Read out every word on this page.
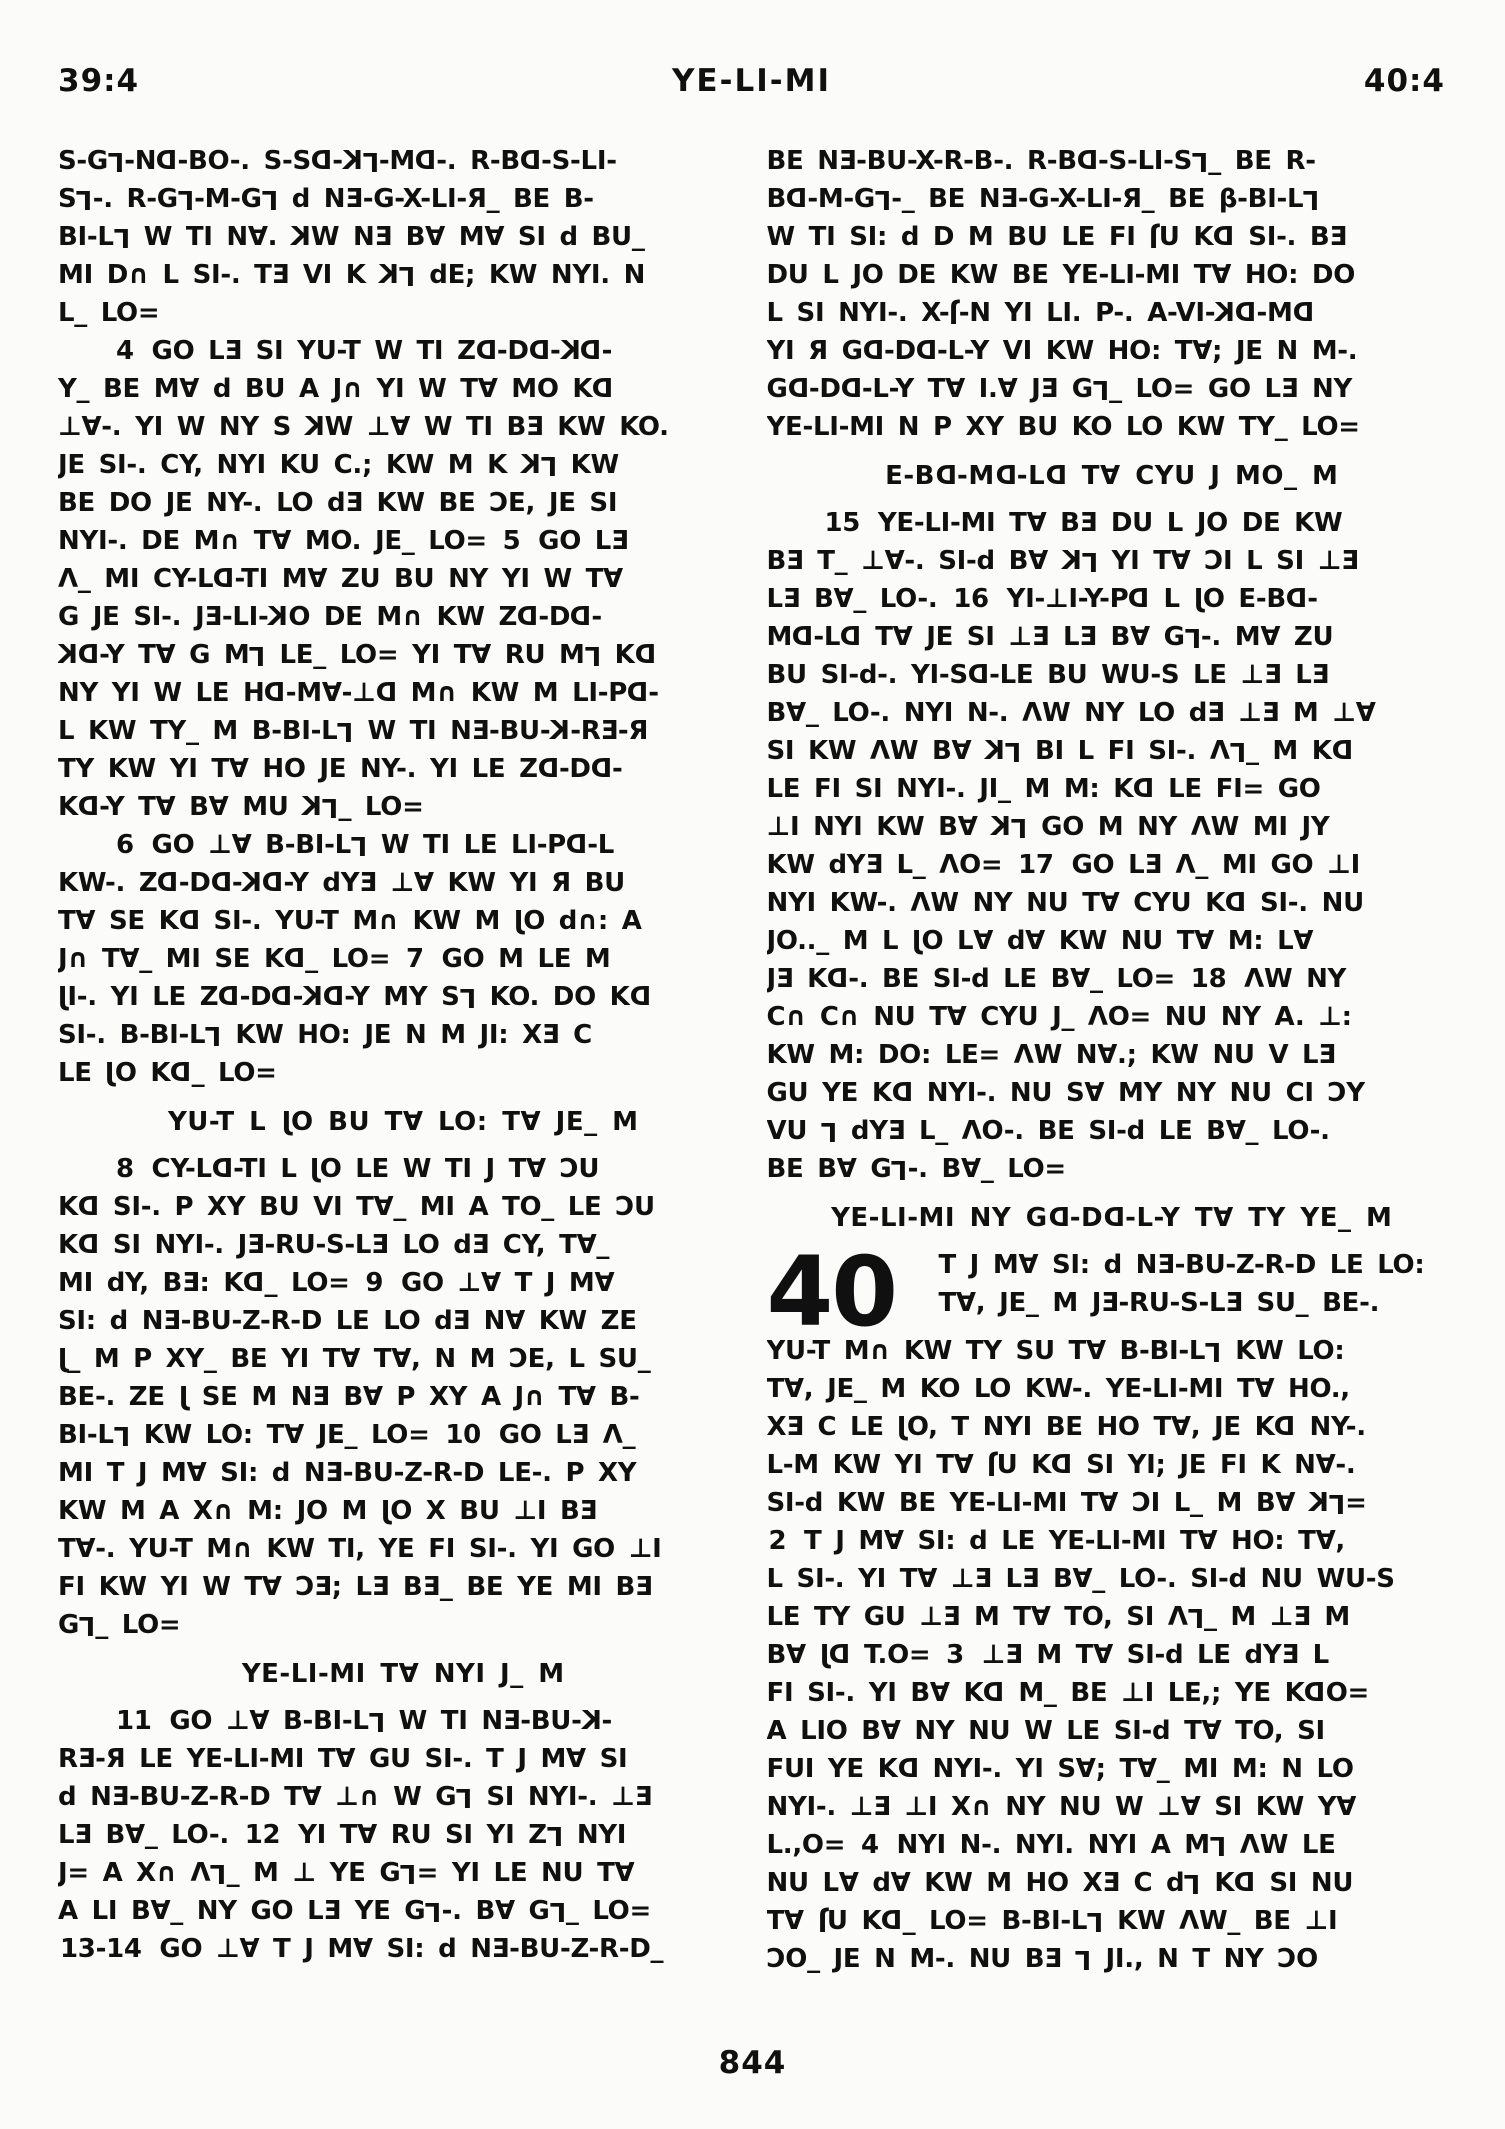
39:4	YE-LI-MI	40:4
S-GL-ND-BO-. S-SD-KL-MD-. R-BD-S-LI-
SL-. R-GL-M-GL d NƎ-G-X-LI-Я_ BE B-
BI-LL W TI N∀. KW NƎ B∀ M∀ SI d BU_
MI D∩ L SI-. TƎ VI K KL dE; KW NYI. N
L_ LO=
4 GO LƎ SI YU-T W TI ZD-DD-KD-
Y_ BE M∀ d BU A J∩ YI W T∀ MO KD
⊥∀-. YI W NY S KW ⊥∀ W TI BƎ KW KO.
JE SI-. CY, NYI KU C.; KW M K KL KW
BE DO JE NY-. LO dƎ KW BE ƆE, JE SI
NYI-. DE M∩ T∀ MO. JE_ LO= 5 GO LƎ
Λ_ MI CY-LD-TI M∀ ZU BU NY YI W T∀
G JE SI-. JƎ-LI-KO DE M∩ KW ZD-DD-
KD-Y T∀ G ML LE_ LO= YI T∀ RU ML KD
NY YI W LE HD-M∀-⊥D M∩ KW M LI-PD-
L KW TY_ M B-BI-LL W TI NƎ-BU-K-RƎ-Я
TY KW YI T∀ HO JE NY-. YI LE ZD-DD-
KD-Y T∀ B∀ MU KL_ LO=
6 GO ⊥∀ B-BI-LL W TI LE LI-PD-L
KW-. ZD-DD-KD-Y dYƎ ⊥∀ KW YI Я BU
T∀ SE KD SI-. YU-T M∩ KW M JO d∩: A
J∩ T∀_ MI SE KD_ LO= 7 GO M LE M
JI-. YI LE ZD-DD-KD-Y MY SL KO. DO KD
SI-. B-BI-LL KW HO: JE N M JI: XƎ C
LE JO KD_ LO=
YU-T L JO BU T∀ LO: T∀ JE_ M
8 CY-LD-TI L JO LE W TI J T∀ ƆU
KD SI-. P XY BU VI T∀_ MI A TO_ LE ƆU
KD SI NYI-. JƎ-RU-S-LƎ LO dƎ CY, T∀_
MI dY, BƎ: KD_ LO= 9 GO ⊥∀ T J M∀
SI: d NƎ-BU-Z-R-D LE LO dƎ N∀ KW ZE
J_ M P XY_ BE YI T∀ T∀, N M ƆE, L SU_
BE-. ZE J SE M NƎ B∀ P XY A J∩ T∀ B-
BI-LL KW LO: T∀ JE_ LO= 10 GO LƎ Λ_
MI T J M∀ SI: d NƎ-BU-Z-R-D LE-. P XY
KW M A X∩ M: JO M JO X BU ⊥I BƎ
T∀-. YU-T M∩ KW TI, YE FI SI-. YI GO ⊥I
FI KW YI W T∀ ƆƎ; LƎ BƎ_ BE YE MI BƎ
GL_ LO=
YE-LI-MI T∀ NYI J_ M
11 GO ⊥∀ B-BI-LL W TI NƎ-BU-K-
RƎ-Я LE YE-LI-MI T∀ GU SI-. T J M∀ SI
d NƎ-BU-Z-R-D T∀ ⊥∩ W GL SI NYI-. ⊥Ǝ
LƎ B∀_ LO-. 12 YI T∀ RU SI YI ZL NYI
J= A X∩ ΛL_ M ⊥ YE GL= YI LE NU T∀
A LI B∀_ NY GO LƎ YE GL-. B∀ GL_ LO=
13-14 GO ⊥∀ T J M∀ SI: d NƎ-BU-Z-R-D_
BE NƎ-BU-X-R-B-. R-BD-S-LI-SL_ BE R-
BD-M-GL-_ BE NƎ-G-X-LI-Я_ BE β-BI-LL
W TI SI: d D M BU LE FI JU KD SI-. BƎ
DU L JO DE KW BE YE-LI-MI T∀ HO: DO
L SI NYI-. X-J-N YI LI. P-. A-VI-KD-MD
YI Я GD-DD-L-Y VI KW HO: T∀; JE N M-.
GD-DD-L-Y T∀ I.∀ JƎ GL_ LO= GO LƎ NY
YE-LI-MI N P XY BU KO LO KW TY_ LO=
E-BD-MD-LD T∀ CYU J MO_ M
15 YE-LI-MI T∀ BƎ DU L JO DE KW
BƎ T_ ⊥∀-. SI-d B∀ KL YI T∀ ƆI L SI ⊥Ǝ
LƎ B∀_ LO-. 16 YI-⊥I-Y-PD L JO E-BD-
MD-LD T∀ JE SI ⊥Ǝ LƎ B∀ GL-. M∀ ZU
BU SI-d-. YI-SD-LE BU WU-S LE ⊥Ǝ LƎ
B∀_ LO-. NYI N-. ΛW NY LO dƎ ⊥Ǝ M ⊥∀
SI KW ΛW B∀ KL BI L FI SI-. ΛL_ M KD
LE FI SI NYI-. JI_ M M: KD LE FI= GO
⊥I NYI KW B∀ KL GO M NY ΛW MI JY
KW dYƎ L_ ΛO= 17 GO LƎ Λ_ MI GO ⊥I
NYI KW-. ΛW NY NU T∀ CYU KD SI-. NU
JO.._ M L JO L∀ d∀ KW NU T∀ M: L∀
JƎ KD-. BE SI-d LE B∀_ LO= 18 ΛW NY
C∩ C∩ NU T∀ CYU J_ ΛO= NU NY A. ⊥:
KW M: DO: LE= ΛW N∀.; KW NU V LƎ
GU YE KD NYI-. NU S∀ MY NY NU CI ƆY
VU L dYƎ L_ ΛO-. BE SI-d LE B∀_ LO-.
BE B∀ GL-. B∀_ LO=
YE-LI-MI NY GD-DD-L-Y T∀ TY YE_ M
40	T J M∀ SI: d NƎ-BU-Z-R-D LE LO:
T∀, JE_ M JƎ-RU-S-LƎ SU_ BE-.
YU-T M∩ KW TY SU T∀ B-BI-LL KW LO:
T∀, JE_ M KO LO KW-. YE-LI-MI T∀ HO.,
XƎ C LE JO, T NYI BE HO T∀, JE KD NY-.
L-M KW YI T∀ JU KD SI YI; JE FI K N∀-.
SI-d KW BE YE-LI-MI T∀ ƆI L_ M B∀ KL=
2 T J M∀ SI: d LE YE-LI-MI T∀ HO: T∀,
L SI-. YI T∀ ⊥Ǝ LƎ B∀_ LO-. SI-d NU WU-S
LE TY GU ⊥Ǝ M T∀ TO, SI ΛL_ M ⊥Ǝ M
B∀ JD T.O= 3 ⊥Ǝ M T∀ SI-d LE dYƎ L
FI SI-. YI B∀ KD M_ BE ⊥I LE,; YE KDO=
A LIO B∀ NY NU W LE SI-d T∀ TO, SI
FUI YE KD NYI-. YI S∀; T∀_ MI M: N LO
NYI-. ⊥Ǝ ⊥I X∩ NY NU W ⊥∀ SI KW Y∀
L.,O= 4 NYI N-. NYI. NYI A ML ΛW LE
NU L∀ d∀ KW M HO XƎ C dL KD SI NU
T∀ JU KD_ LO= B-BI-LL KW ΛW_ BE ⊥I
ƆO_ JE N M-. NU BƎ L JI., N T NY ƆO
844
